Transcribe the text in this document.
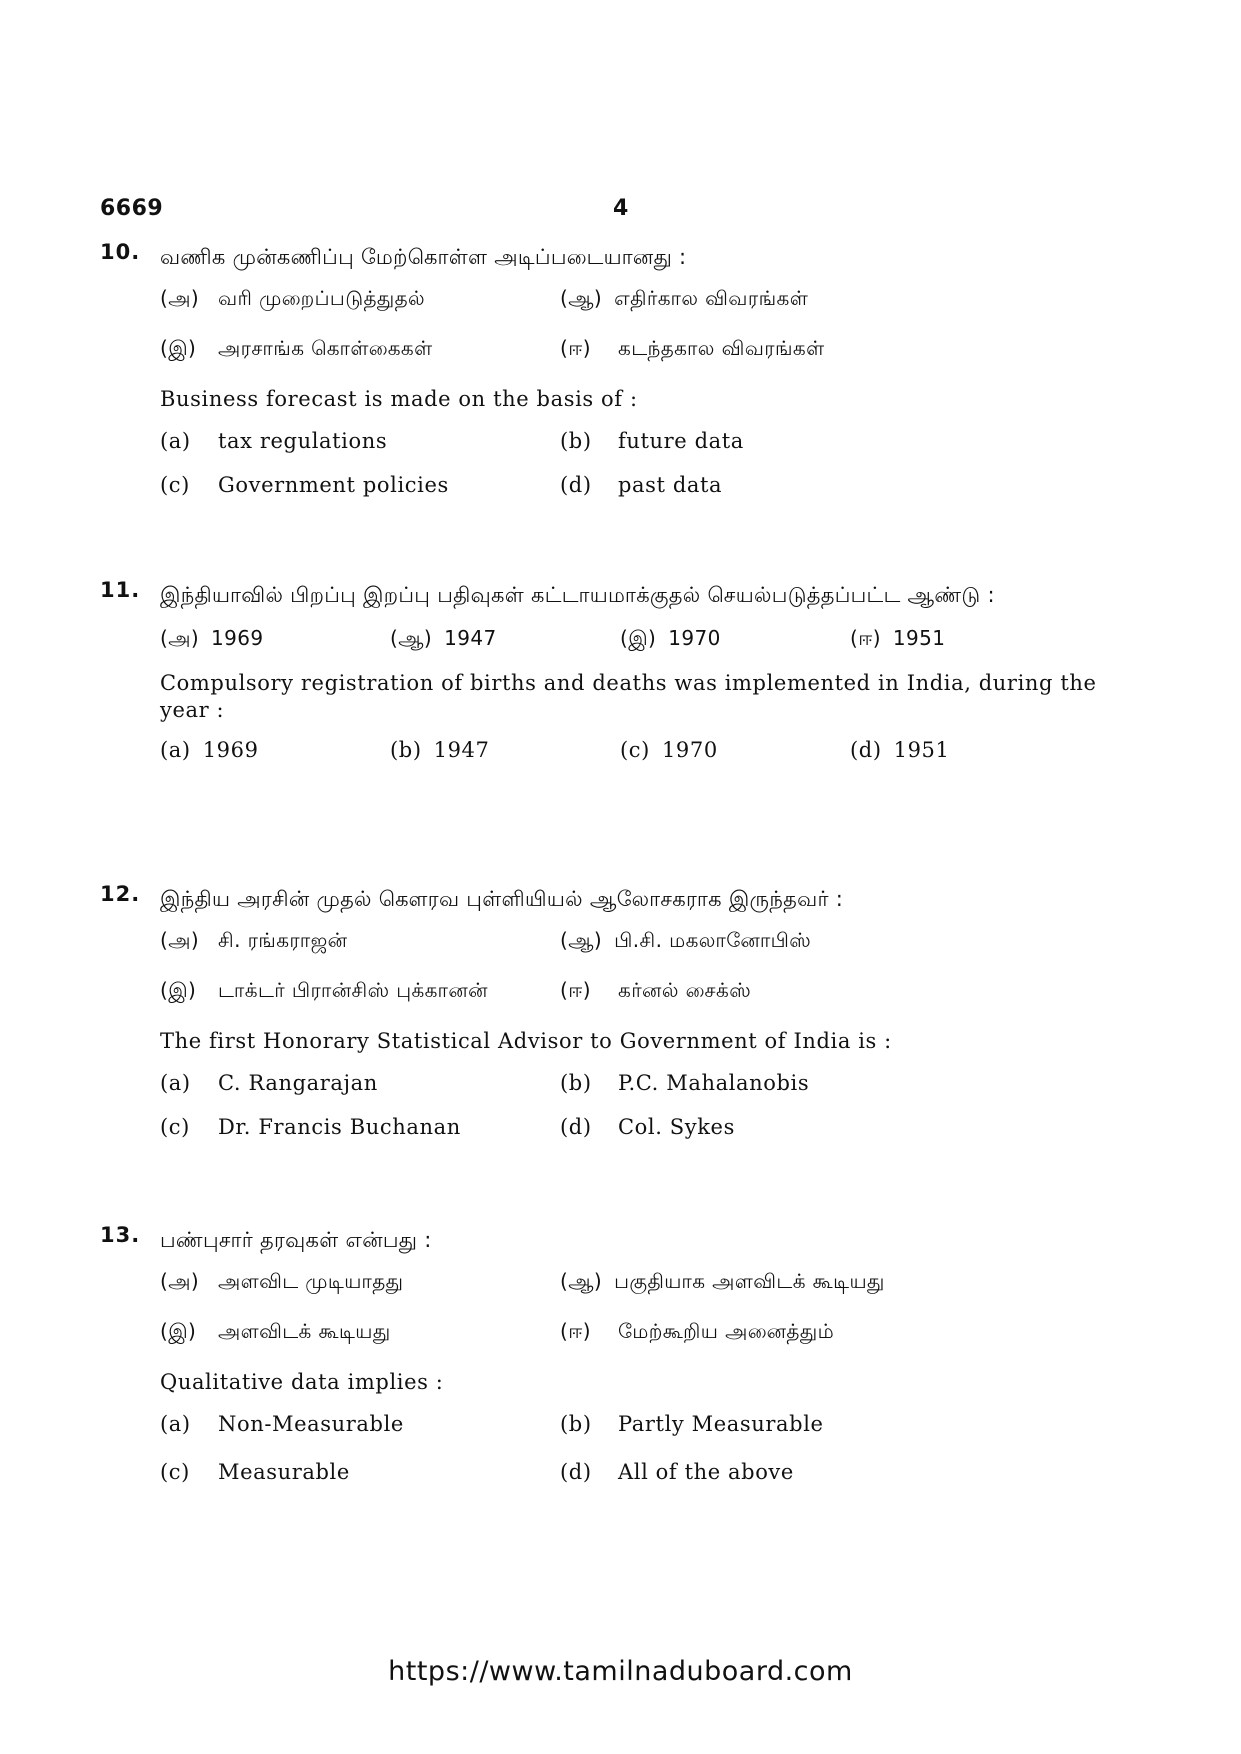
6669	4
10. வணிக முன்கணிப்பு மேற்கொள்ள அடிப்படையானது :
(அ) வரி முறைப்படுத்துதல்	(ஆ) எதிர்கால விவரங்கள்
(இ) அரசாங்க கொள்கைகள்	(ஈ) கடந்தகால விவரங்கள்
Business forecast is made on the basis of :
(a) tax regulations	(b) future data
(c) Government policies	(d) past data
11. இந்தியாவில் பிறப்பு இறப்பு பதிவுகள் கட்டாயமாக்குதல் செயல்படுத்தப்பட்ட ஆண்டு :
(அ) 1969	(ஆ) 1947	(இ) 1970	(ஈ) 1951
Compulsory registration of births and deaths was implemented in India, during the year :
(a) 1969	(b) 1947	(c) 1970	(d) 1951
12. இந்திய அரசின் முதல் கௌரவ புள்ளியியல் ஆலோசகராக இருந்தவர் :
(அ) சி. ரங்கராஜன்	(ஆ) பி.சி. மகலானோபிஸ்
(இ) டாக்டர் பிரான்சிஸ் புக்கானன்	(ஈ) கர்னல் சைக்ஸ்
The first Honorary Statistical Advisor to Government of India is :
(a) C. Rangarajan	(b) P.C. Mahalanobis
(c) Dr. Francis Buchanan	(d) Col. Sykes
13. பண்புசார் தரவுகள் என்பது :
(அ) அளவிட முடியாதது	(ஆ) பகுதியாக அளவிடக் கூடியது
(இ) அளவிடக் கூடியது	(ஈ) மேற்கூறிய அனைத்தும்
Qualitative data implies :
(a) Non-Measurable	(b) Partly Measurable
(c) Measurable	(d) All of the above
https://www.tamilnaduboard.com
